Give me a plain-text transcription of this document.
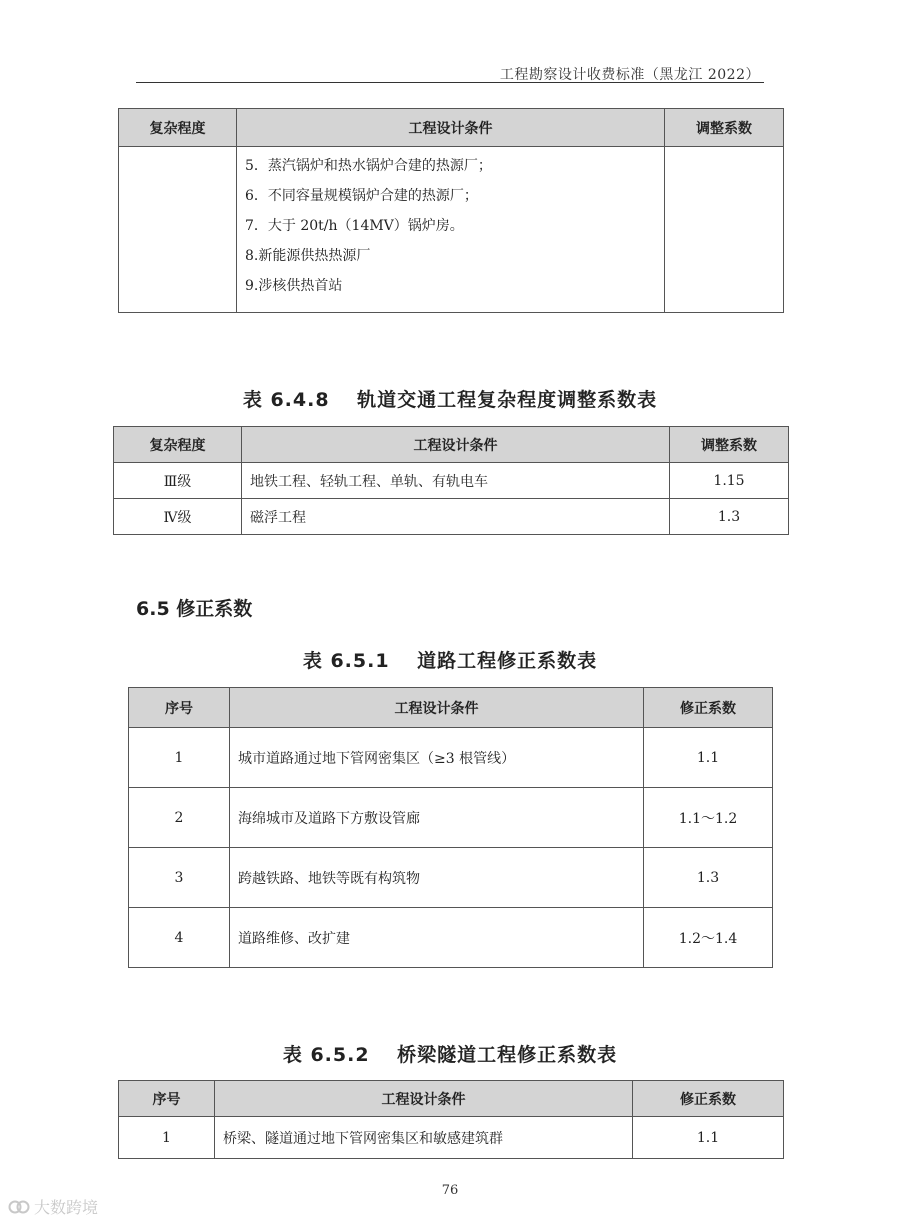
工程勘察设计收费标准（黑龙江 2022）
复杂程度	工程设计条件	调整系数

	5．蒸汽锅炉和热水锅炉合建的热源厂；
6．不同容量规模锅炉合建的热源厂；
7．大于 20t/h（14MV）锅炉房。
8.新能源供热热源厂
9.涉核供热首站	

表 6.4.8　 轨道交通工程复杂程度调整系数表
复杂程度	工程设计条件	调整系数
Ⅲ级	地铁工程、轻轨工程、单轨、有轨电车	1.15
Ⅳ级	磁浮工程	1.3
6.5 修正系数
表 6.5.1　 道路工程修正系数表
序号	工程设计条件	修正系数
1	城市道路通过地下管网密集区（≥3 根管线）	1.1
2	海绵城市及道路下方敷设管廊	1.1～1.2
3	跨越铁路、地铁等既有构筑物	1.3
4	道路维修、改扩建	1.2～1.4
表 6.5.2　 桥梁隧道工程修正系数表
序号	工程设计条件	修正系数
1	桥梁、隧道通过地下管网密集区和敏感建筑群	1.1
76
大数跨境
